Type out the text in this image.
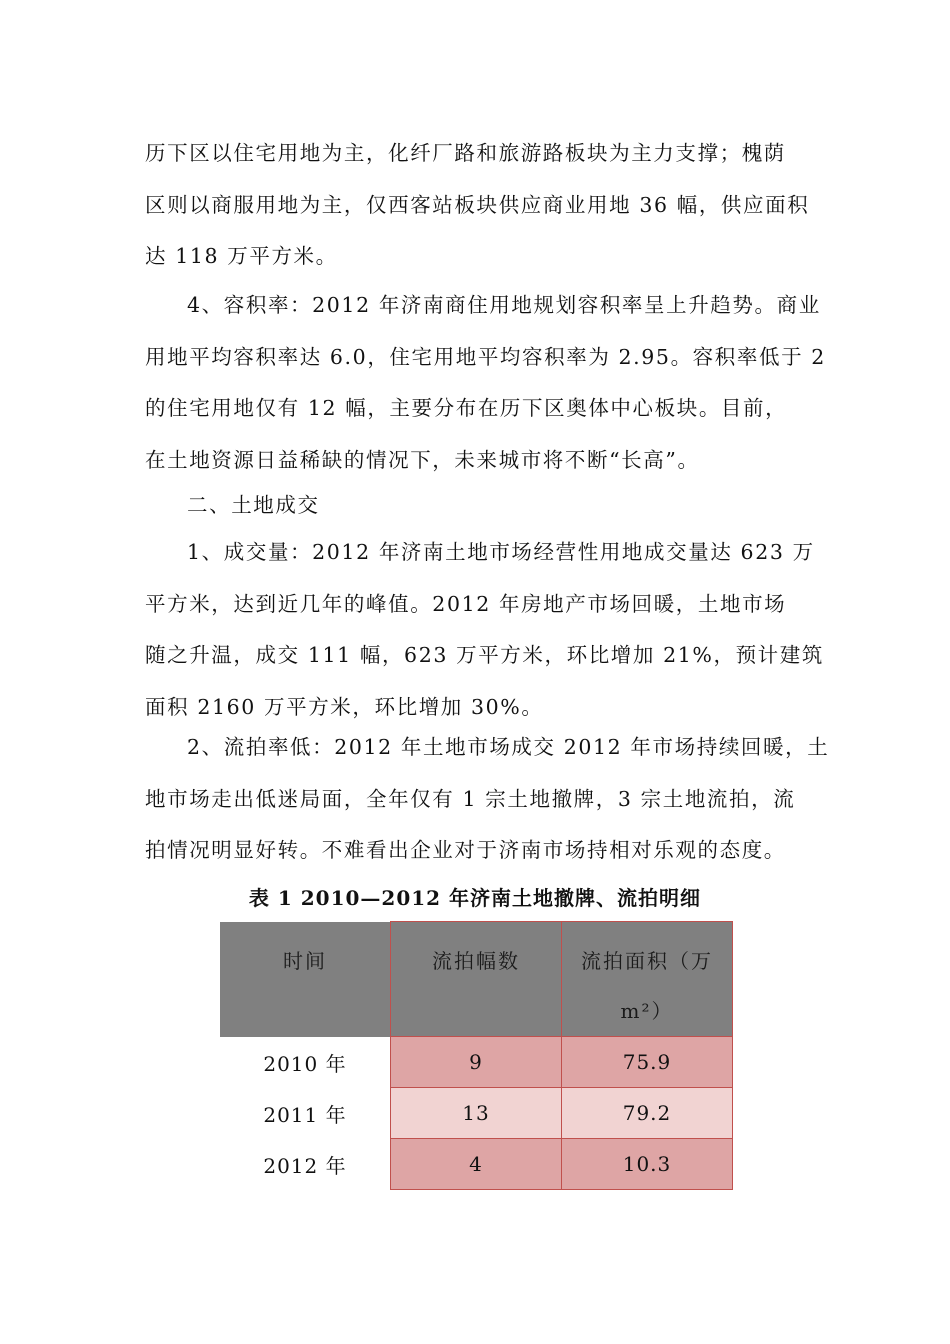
历下区以住宅用地为主，化纤厂路和旅游路板块为主力支撑；槐荫
区则以商服用地为主，仅西客站板块供应商业用地 36 幅，供应面积
达 118 万平方米。
4、容积率：2012 年济南商住用地规划容积率呈上升趋势。商业
用地平均容积率达 6.0，住宅用地平均容积率为 2.95。容积率低于 2
的住宅用地仅有 12 幅，主要分布在历下区奥体中心板块。目前，
在土地资源日益稀缺的情况下，未来城市将不断“长高”。
二、土地成交
1、成交量：2012 年济南土地市场经营性用地成交量达 623 万
平方米，达到近几年的峰值。2012 年房地产市场回暖，土地市场
随之升温，成交 111 幅，623 万平方米，环比增加 21%，预计建筑
面积 2160 万平方米，环比增加 30%。
2、流拍率低：2012 年土地市场成交 2012 年市场持续回暖，土
地市场走出低迷局面，全年仅有 1 宗土地撤牌，3 宗土地流拍，流
拍情况明显好转。不难看出企业对于济南市场持相对乐观的态度。
表 1 2010—2012 年济南土地撤牌、流拍明细
时间	流拍幅数	流拍面积（万
m²）

2010 年	9	75.9
2011 年	13	79.2
2012 年	4	10.3
